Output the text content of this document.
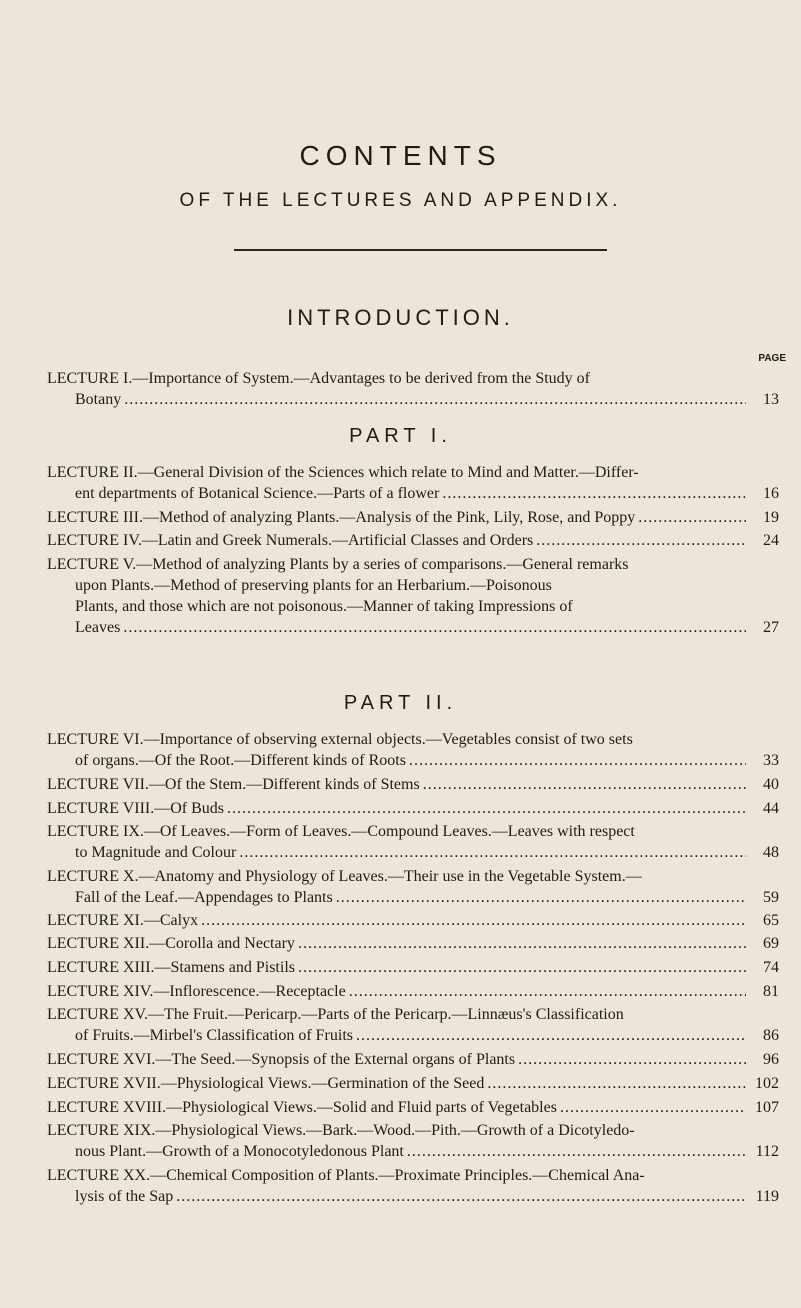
CONTENTS
OF THE LECTURES AND APPENDIX.
INTRODUCTION.
PAGE
LECTURE I.—Importance of System.—Advantages to be derived from the Study of
Botany .....	13
PART I.
LECTURE II.—General Division of the Sciences which relate to Mind and Matter.—Differ-
ent departments of Botanical Science.—Parts of a flower .....	16
LECTURE III.—Method of analyzing Plants.—Analysis of the Pink, Lily, Rose, and Poppy .....	19
LECTURE IV.—Latin and Greek Numerals.—Artificial Classes and Orders .....	24
LECTURE V.—Method of analyzing Plants by a series of comparisons.—General remarks
upon Plants.—Method of preserving plants for an Herbarium.—Poisonous
Plants, and those which are not poisonous.—Manner of taking Impressions of
Leaves .....	27
PART II.
LECTURE VI.—Importance of observing external objects.—Vegetables consist of two sets
of organs.—Of the Root.—Different kinds of Roots .....	33
LECTURE VII.—Of the Stem.—Different kinds of Stems .....	40
LECTURE VIII.—Of Buds .....	44
LECTURE IX.—Of Leaves.—Form of Leaves.—Compound Leaves.—Leaves with respect
to Magnitude and Colour .....	48
LECTURE X.—Anatomy and Physiology of Leaves.—Their use in the Vegetable System.—
Fall of the Leaf.—Appendages to Plants .....	59
LECTURE XI.—Calyx .....	65
LECTURE XII.—Corolla and Nectary .....	69
LECTURE XIII.—Stamens and Pistils .....	74
LECTURE XIV.—Inflorescence.—Receptacle .....	81
LECTURE XV.—The Fruit.—Pericarp.—Parts of the Pericarp.—Linnæus's Classification
of Fruits.—Mirbel's Classification of Fruits .....	86
LECTURE XVI.—The Seed.—Synopsis of the External organs of Plants .....	96
LECTURE XVII.—Physiological Views.—Germination of the Seed .....	102
LECTURE XVIII.—Physiological Views.—Solid and Fluid parts of Vegetables .....	107
LECTURE XIX.—Physiological Views.—Bark.—Wood.—Pith.—Growth of a Dicotyledo-
nous Plant.—Growth of a Monocotyledonous Plant .....	112
LECTURE XX.—Chemical Composition of Plants.—Proximate Principles.—Chemical Ana-
lysis of the Sap .....	119
